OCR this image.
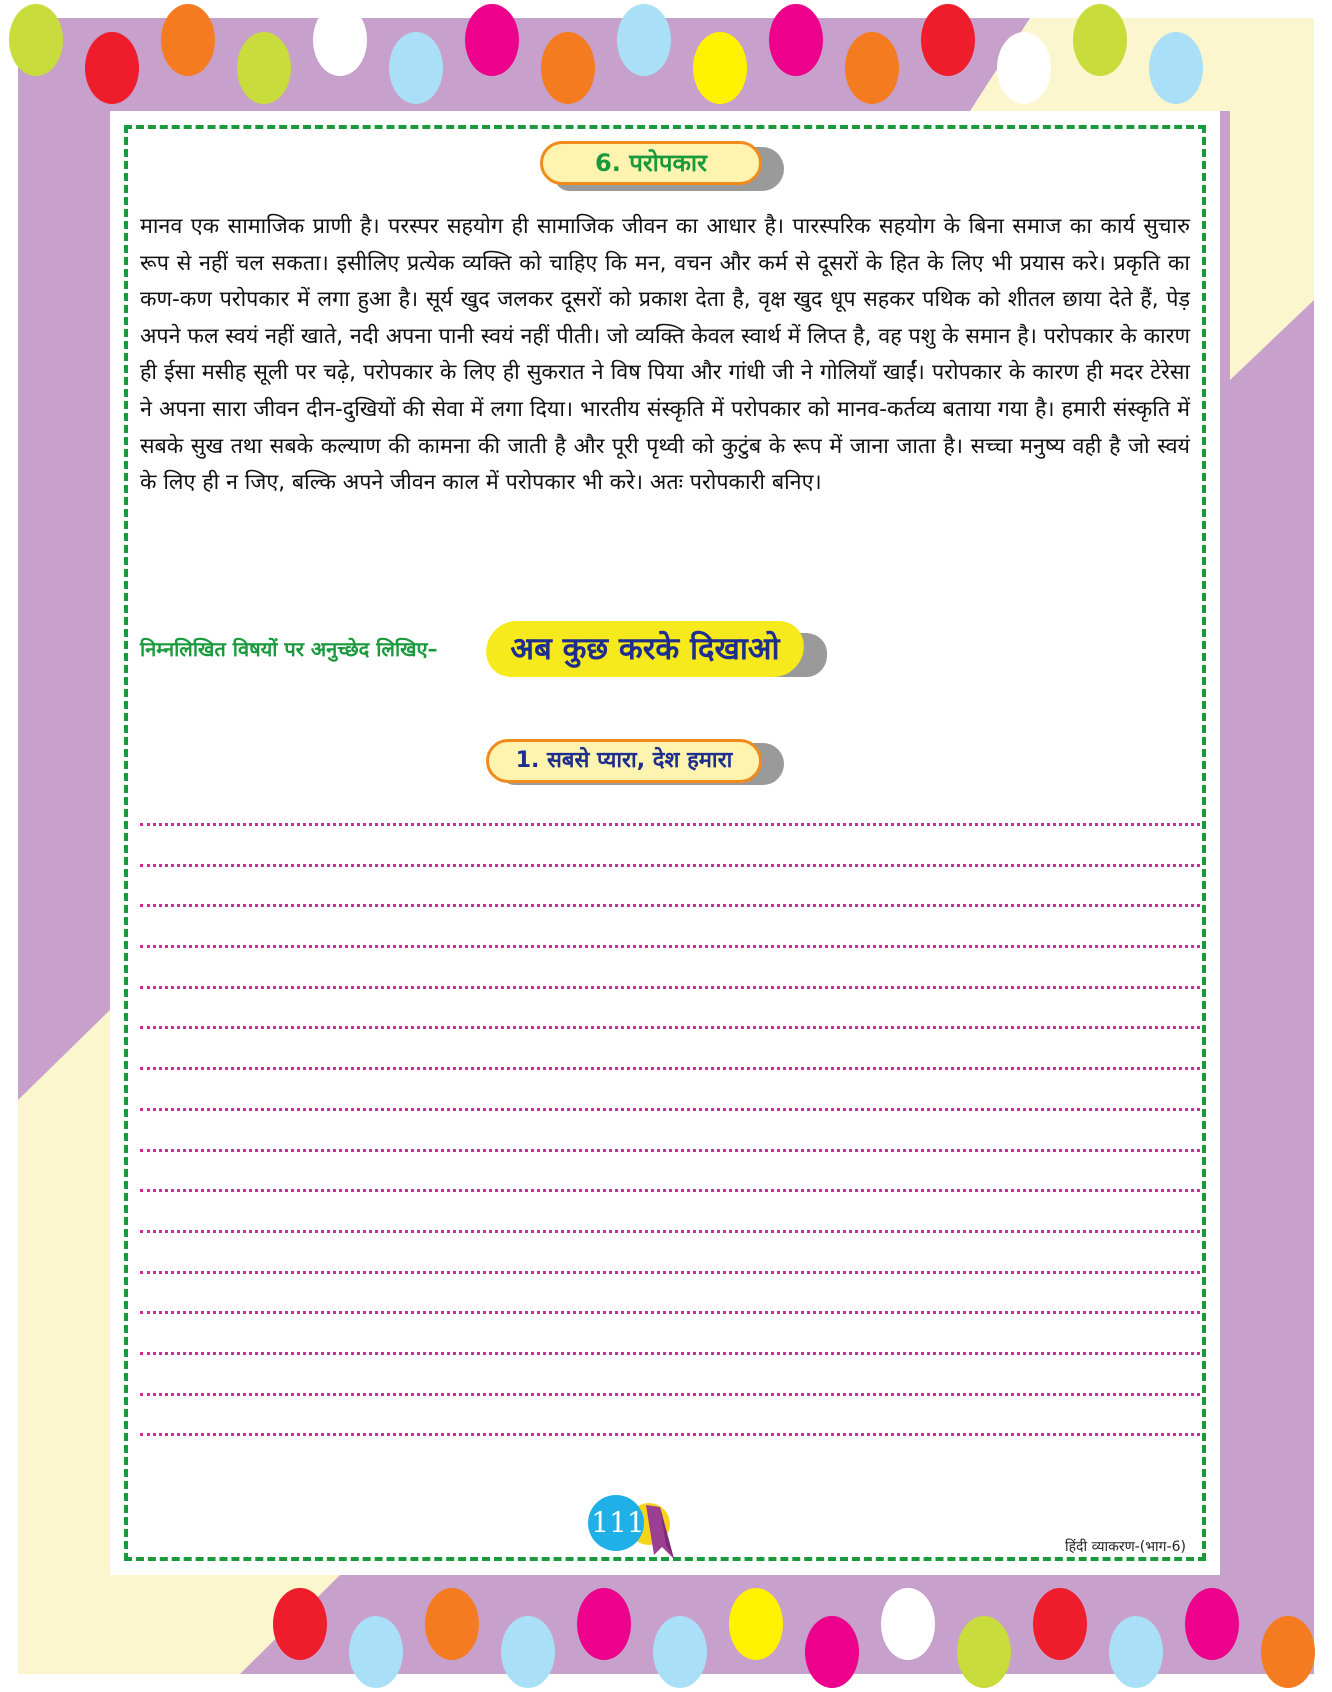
6. परोपकार

मानव एक सामाजिक प्राणी है। परस्पर सहयोग ही सामाजिक जीवन का आधार है। पारस्परिक सहयोग के बिना समाज का कार्य सुचारु रूप से नहीं चल सकता। इसीलिए प्रत्येक व्यक्ति को चाहिए कि मन, वचन और कर्म से दूसरों के हित के लिए भी प्रयास करे। प्रकृति का कण-कण परोपकार में लगा हुआ है। सूर्य खुद जलकर दूसरों को प्रकाश देता है, वृक्ष खुद धूप सहकर पथिक को शीतल छाया देते हैं, पेड़ अपने फल स्वयं नहीं खाते, नदी अपना पानी स्वयं नहीं पीती। जो व्यक्ति केवल स्वार्थ में लिप्त है, वह पशु के समान है। परोपकार के कारण ही ईसा मसीह सूली पर चढ़े, परोपकार के लिए ही सुकरात ने विष पिया और गांधी जी ने गोलियाँ खाईं। परोपकार के कारण ही मदर टेरेसा ने अपना सारा जीवन दीन-दुखियों की सेवा में लगा दिया। भारतीय संस्कृति में परोपकार को मानव-कर्तव्य बताया गया है। हमारी संस्कृति में सबके सुख तथा सबके कल्याण की कामना की जाती है और पूरी पृथ्वी को कुटुंब के रूप में जाना जाता है। सच्चा मनुष्य वही है जो स्वयं के लिए ही न जिए, बल्कि अपने जीवन काल में परोपकार भी करे। अतः परोपकारी बनिए।

अब कुछ करके दिखाओ
निम्नलिखित विषयों पर अनुच्छेद लिखिए–
1. सबसे प्यारा, देश हमारा
111
हिंदी व्याकरण-(भाग-6)
